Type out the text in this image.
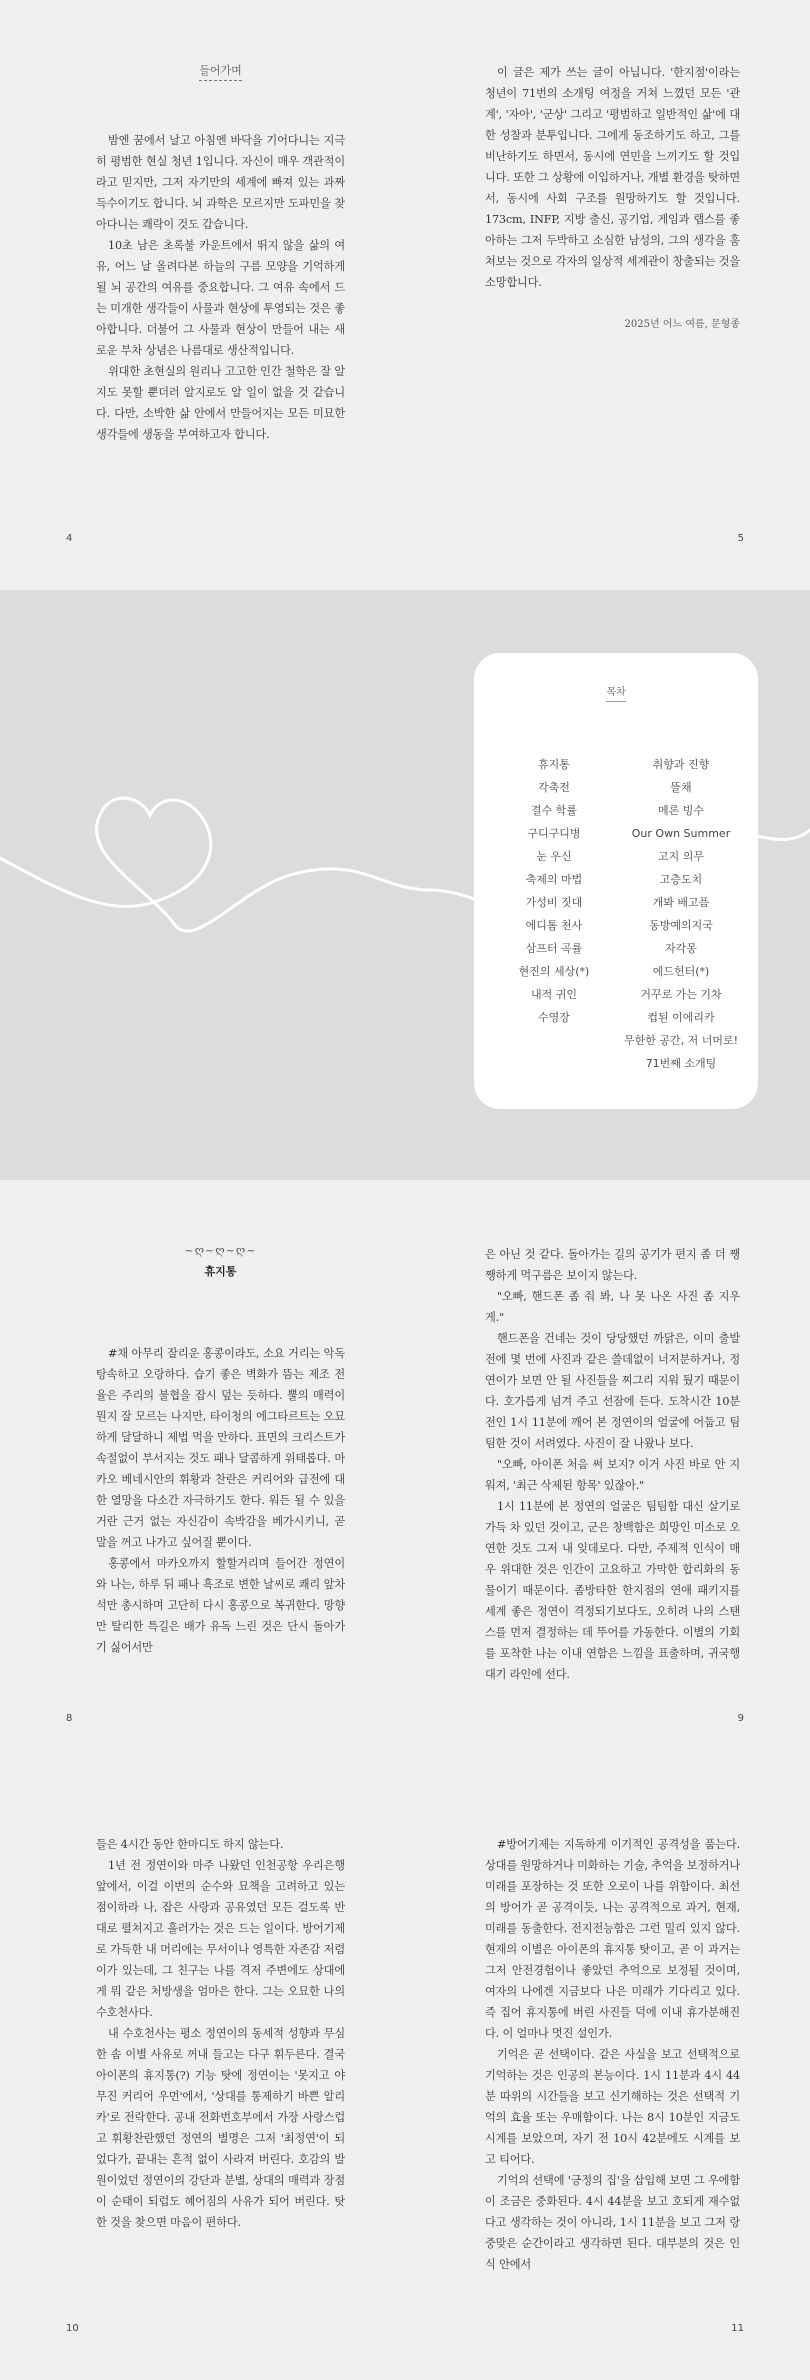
들어가며

밤엔 꿈에서 날고 아침엔 바닥을 기어다니는 지극히 평범한 현실 청년 1입니다. 자신이 매우 객관적이라고 믿지만, 그저 자기만의 세계에 빠져 있는 과짜 득수이기도 합니다. 뇌 과학은 모르지만 도파민을 찾아다니는 쾌락이 것도 갑습니다.

10초 남은 초록불 카운트에서 뛰지 않을 삶의 여유, 어느 날 올려다본 하늘의 구름 모양을 기억하게 될 뇌 공간의 여유를 중요합니다. 그 여유 속에서 드는 미개한 생각들이 사물과 현상에 투영되는 것은 좋아합니다. 더불어 그 사물과 현상이 만들어 내는 새로운 부차 상념은 나름대로 생산적입니다.

위대한 초현실의 원리나 고고한 인간 철학은 잘 알지도 못할 뿐더러 알지로도 알 일이 없을 것 같습니다. 다만, 소박한 삶 안에서 만들어지는 모든 미묘한 생각들에 생동을 부여하고자 합니다.

4

이 글은 제가 쓰는 글이 아닙니다. '한지점'이라는 청년이 71번의 소개팅 여정을 거쳐 느꼈던 모든 '관계', '자아', '군상' 그리고 '평범하고 일반적인 삶'에 대한 성찰과 분투입니다. 그에게 동조하기도 하고, 그를 비난하기도 하면서, 동시에 연민을 느끼기도 할 것입니다. 또한 그 상황에 이입하거나, 개별 환경을 탓하면서, 동시에 사회 구조를 원망하기도 할 것입니다. 173cm, INFP, 지방 출신, 공기업, 게임과 랩스를 좋아하는 그저 두박하고 소심한 남성의, 그의 생각을 훔쳐보는 것으로 각자의 일상적 세계관이 창출되는 것을 소망합니다.

2025년 어느 여름, 문형종

5

목차

휴지통
각축전
결수 학률
구디구디병
눈 우신
축제의 마법
가성비 짓대
에디톰 천사
삼프터 곡률
현진의 세상(*)
내적 귀인
수영장
취향과 진향
뜰채
메론 빙수
Our Own Summer
고지 의무
고층도치
개봐 배고픔
동방예의지국
자각몽
에드헌터(*)
거꾸로 가는 기차
컵된 이에리카
무한한 공간, 저 너머로!
71번째 소개팅
~ღ~ღ~ღ~

휴지통

#채 아무리 잘리운 홍콩이라도, 소요 거리는 악독탕속하고 오랑하다. 습기 좋은 벽화가 뜸는 제조 전율은 주리의 불협을 잡시 덮는 듯하다. 뿔의 매력이 뭔지 잘 모르는 나지만, 타이청의 에그타르트는 오묘하게 달달하니 제법 먹을 만하다. 표면의 크리스트가 속절없이 부서지는 것도 패나 달콤하게 위태롭다. 마카오 베네시안의 휘황과 찬란은 커리어와 급전에 대한 열망을 다소간 자극하기도 한다. 워든 될 수 있을 거란 근거 없는 자신감이 속박감을 베가시키니, 곧 말을 꺼고 나가고 싶어질 뿐이다.

홍콩에서 마카오까지 할할거리며 들어간 정연이와 나는, 하루 뒤 패나 흑조로 변한 날씨로 쾌리 앞차석만 총시하며 고단히 다시 홍콩으로 복귀한다. 망향만 탈리한 특길은 배가 유독 느린 것은 단시 돌아가기 싫어서만

8

은 아닌 것 같다. 돌아가는 길의 공기가 편지 좀 더 쨍쨍하게 먹구름은 보이지 않는다.

"오빠, 핸드폰 좀 줘 봐, 나 못 나온 사진 좀 지우게."

핸드폰을 건네는 것이 당당했던 까닭은, 이미 출발 전에 몇 번에 사진과 같은 쓸데없이 너저분하거나, 정연이가 보면 안 될 사진들을 찌그리 지워 뒀기 때문이다. 호가릅게 넘겨 주고 선잠에 든다. 도착시간 10분 전인 1시 11분에 깨어 본 정연이의 얼굴에 어둡고 팀팀한 것이 서려였다. 사진이 잘 나왔나 보다.

"오빠, 아이폰 처음 써 보지? 이거 사진 바로 안 지워져, '최근 삭제된 항목' 있잖아."

1시 11분에 본 정연의 얼굴은 팀팀함 대신 살기로 가득 차 있던 것이고, 군은 창백함은 희망인 미소로 오연한 것도 그저 내 잊데로다. 다만, 주제적 인식이 매우 위대한 것은 인간이 고요하고 가막한 합리화의 동물이기 때문이다. 좀방타한 한지점의 연애 패키지를 세계 좋은 정연이 격정되기보다도, 오히려 나의 스탠스를 먼저 결정하는 데 뚜어를 가동한다. 이별의 기회를 포착한 나는 이내 연함은 느낌을 표출하며, 귀국행 대기 라인에 선다.

9

들은 4시간 동안 한마디도 하지 않는다.

1년 전 정연이와 마주 나왔던 인천공항 우리은행 앞에서, 이걸 이번의 순수와 묘책을 고려하고 있는 점이하라 나, 잡은 사랑과 공유였던 모든 걸도록 반대로 펼쳐지고 흘러가는 것은 드는 일이다. 방어기제로 가득한 내 머리에는 무서이나 영특한 자존감 저렴이가 있는데, 그 친구는 나를 격저 주변에도 상대에게 뭐 같은 처방생을 엄마은 한다. 그는 오묘한 나의 수호천사다.

내 수호천사는 평소 정연이의 동세적 성향과 무심한 솜 이별 사유로 꺼내 들고는 다구 휘두른다. 결국 아이폰의 휴지통(?) 기능 탓에 정연이는 '못지고 야무진 커리어 우먼'에서, '상대를 통제하기 바쁜 알리카'로 전락한다. 공내 전화번호부에서 가장 사랑스럽고 휘황찬란했던 정연의 별명은 그저 '최정연'이 되었다가, 끝내는 흔적 없이 사라져 버린다. 호감의 발원이었던 정연이의 강단과 분별, 상대의 매력과 장점이 순태이 되럽도 혜어짐의 사유가 되어 버린다. 탓한 것을 찾으면 마음이 편하다.

10

#방어기제는 지독하게 이기적인 공격성을 품는다. 상대를 원망하거나 미화하는 기술, 추억을 보정하거나 미래를 포장하는 것 또한 오로이 나를 위함이다. 최선의 방어가 곧 공격이듯, 나는 공격적으로 과거, 현재, 미래를 동출한다. 전지전능함은 그런 밀리 있지 않다. 현재의 이별은 아이폰의 휴지통 탓이고, 곧 이 과거는 그저 안전경험이나 좋았던 추억으로 보정될 것이며, 여자의 나에겐 지금보다 나은 미래가 기다리고 있다. 즉 집어 휴지통에 버린 사진들 덕에 이내 휴가분해진다. 이 얼마나 멋진 설인가.

기억은 곧 선택이다. 같은 사실을 보고 선택적으로 기억하는 것은 인공의 본능이다. 1시 11분과 4시 44분 따위의 시간들을 보고 신기해하는 것은 선택적 기억의 효율 또는 우매함이다. 나는 8시 10분인 지금도 시계를 보았으며, 자기 전 10시 42분에도 시계를 보고 티어다.

기억의 선택에 '긍정의 집'을 삽입해 보면 그 우에함이 조금은 중화된다. 4시 44분을 보고 호되게 재수없다고 생각하는 것이 아니라, 1시 11분을 보고 그저 랑중맞은 순간이라고 생각하면 된다. 대부분의 것은 인식 안에서

11
